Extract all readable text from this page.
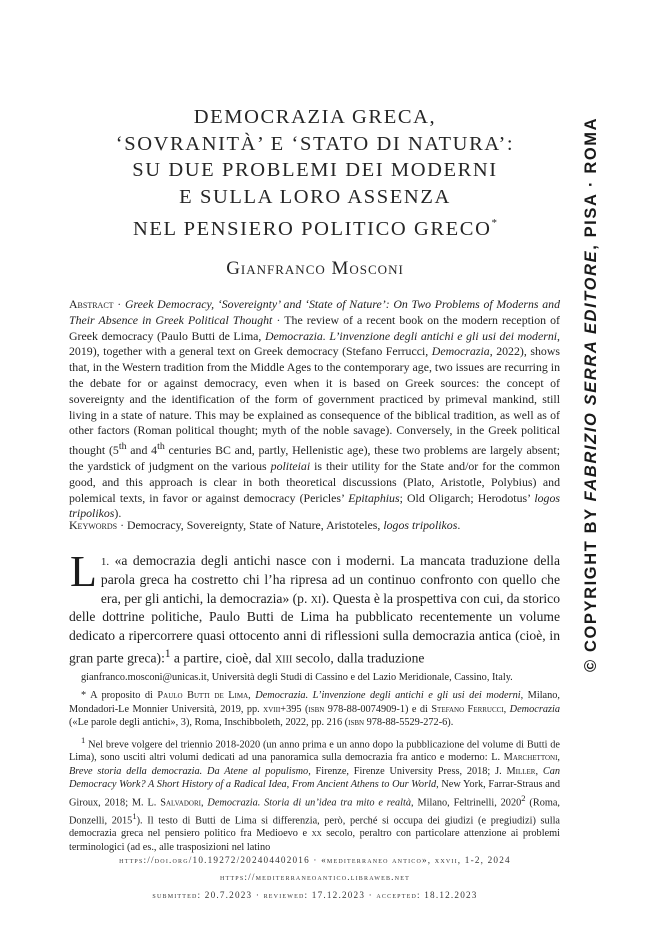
DEMOCRAZIA GRECA,
‘SOVRANITÀ’ E ‘STATO DI NATURA’:
SU DUE PROBLEMI DEI MODERNI
E SULLA LORO ASSENZA
NEL PENSIERO POLITICO GRECO*
Gianfranco Mosconi

Abstract · Greek Democracy, ‘Sovereignty’ and ‘State of Nature’: On Two Problems of Moderns and Their Absence in Greek Political Thought · The review of a recent book on the modern reception of Greek democracy (Paulo Butti de Lima, Democrazia. L’invenzione degli antichi e gli usi dei moderni, 2019), together with a general text on Greek democracy (Stefano Ferrucci, Democrazia, 2022), shows that, in the Western tradition from the Middle Ages to the contemporary age, two issues are recurring in the debate for or against democracy, even when it is based on Greek sources: the concept of sovereignty and the identification of the form of government practiced by primeval mankind, still living in a state of nature. This may be explained as consequence of the biblical tradition, as well as of other factors (Roman political thought; myth of the noble savage). Conversely, in the Greek political thought (5th and 4th centuries BC and, partly, Hellenistic age), these two problems are largely absent; the yardstick of judgment on the various politeiai is their utility for the State and/or for the common good, and this approach is clear in both theoretical discussions (Plato, Aristotle, Polybius) and polemical texts, in favor or against democracy (Pericles’ Epitaphius; Old Oligarch; Herodotus’ logos tripolikos).

Keywords · Democracy, Sovereignty, State of Nature, Aristoteles, logos tripolikos.

1. «
L a democrazia degli antichi nasce con i moderni. La mancata traduzione della parola greca ha costretto chi l’ha ripresa ad un continuo confronto con quello che era, per gli antichi, la democrazia» (p. xi). Questa è la prospettiva con cui, da storico delle dottrine politiche, Paulo Butti de Lima ha pubblicato recentemente un volume dedicato a ripercorrere quasi ottocento anni di riflessioni sulla democrazia antica (cioè, in gran parte greca):$^1$ a partire, cioè, dal xiii secolo, dalla traduzione

gianfranco.mosconi@unicas.it, Università degli Studi di Cassino e del Lazio Meridionale, Cassino, Italy.

* A proposito di Paulo Butti de Lima, Democrazia. L’invenzione degli antichi e gli usi dei moderni, Milano, Mondadori-Le Monnier Università, 2019, pp. xviii+395 (isbn 978-88-0074909-1) e di Stefano Ferrucci, Democrazia («Le parole degli antichi», 3), Roma, Inschibboleth, 2022, pp. 216 (isbn 978-88-5529-272-6).

$^1$ Nel breve volgere del triennio 2018-2020 (un anno prima e un anno dopo la pubblicazione del volume di Butti de Lima), sono usciti altri volumi dedicati ad una panoramica sulla democrazia fra antico e moderno: L. Marchettoni, Breve storia della democrazia. Da Atene al populismo, Firenze, Firenze University Press, 2018; J. Miller, Can Democracy Work? A Short History of a Radical Idea, From Ancient Athens to Our World, New York, Farrar-Straus and Giroux, 2018; M. L. Salvadori, Democrazia. Storia di un’idea tra mito e realtà, Milano, Feltrinelli, 2020$^2$ (Roma, Donzelli, 2015$^1$). Il testo di Butti de Lima si differenzia, però, perché si occupa dei giudizi (e pregiudizi) sulla democrazia greca nel pensiero politico fra Medioevo e xx secolo, peraltro con particolare attenzione ai problemi terminologici (ad es., alle trasposizioni nel latino

https://doi.org/10.19272/202404402016 · «mediterraneo antico», xxvii, 1-2, 2024
https://mediterraneoantico.libraweb.net
submitted: 20.7.2023 · reviewed: 17.12.2023 · accepted: 18.12.2023
© COPYRIGHT BY FABRIZIO SERRA EDITORE, PISA · ROMA
